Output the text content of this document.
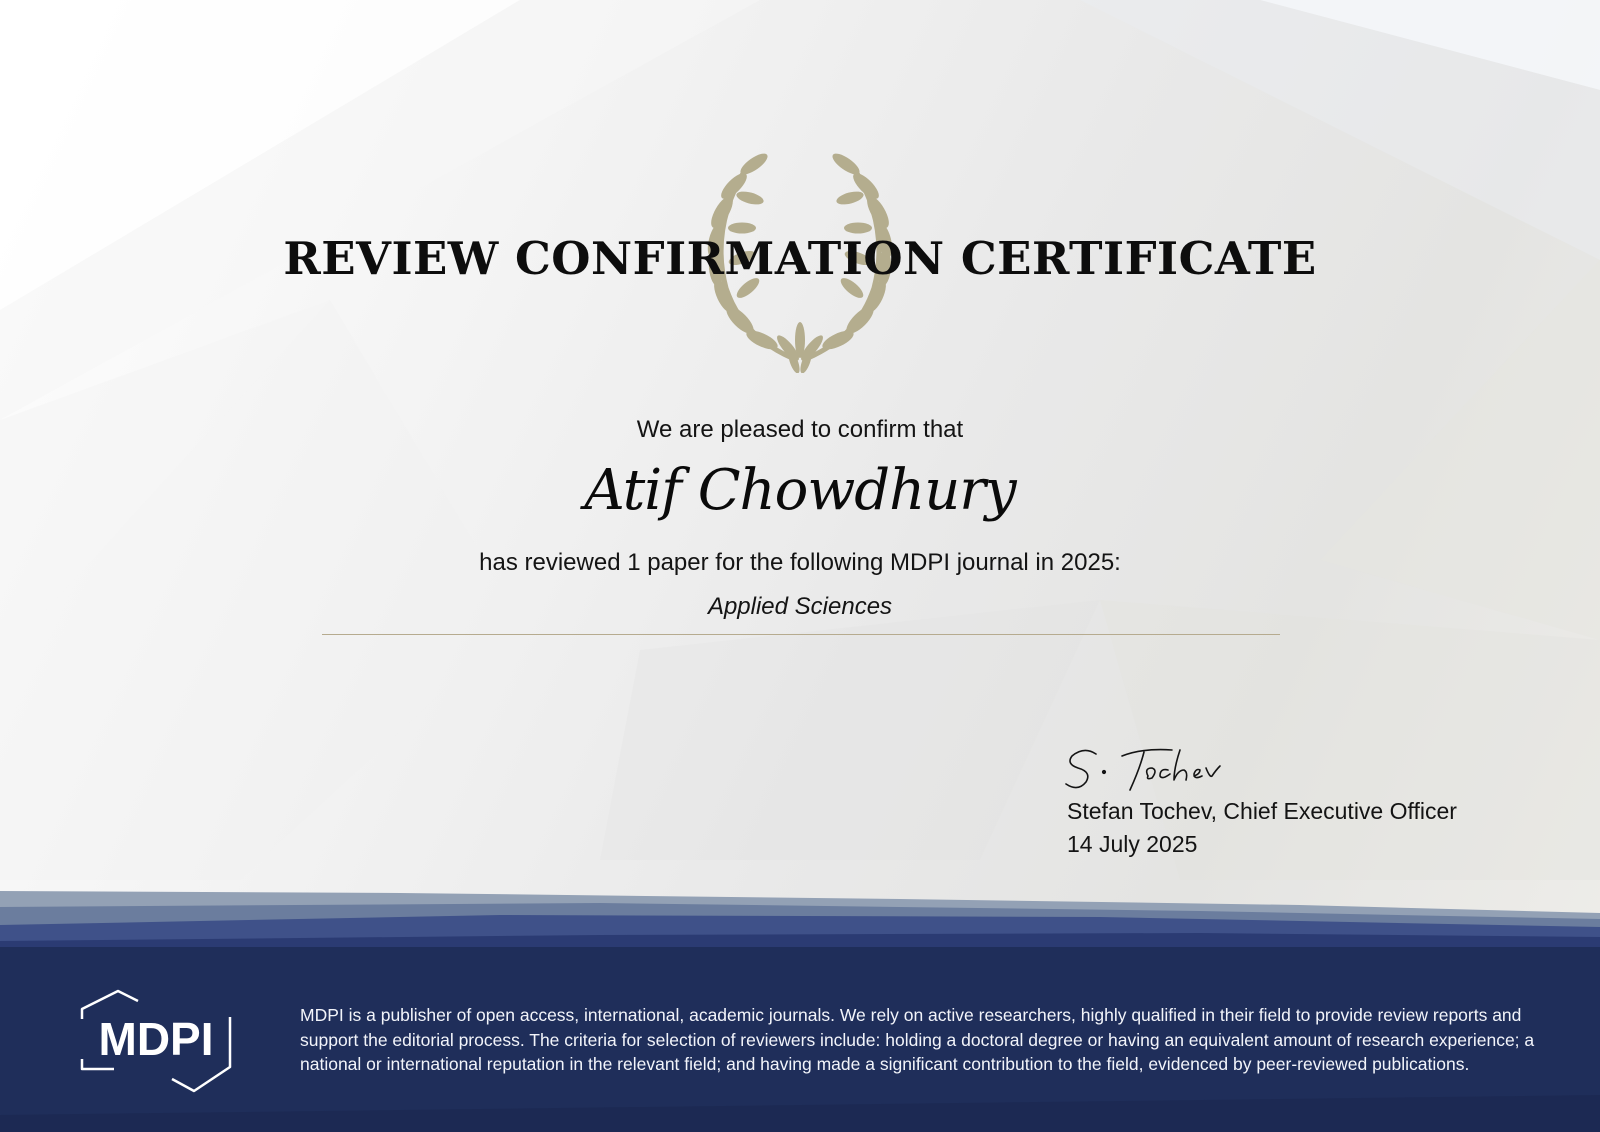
REVIEW CONFIRMATION CERTIFICATE

We are pleased to confirm that

Atif Chowdhury

has reviewed 1 paper for the following MDPI journal in 2025:

Applied Sciences

Stefan Tochev, Chief Executive Officer

14 July 2025

MDPI	MDPI is a publisher of open access, international, academic journals. We rely on active researchers, highly qualified in their field to provide review reports and support the editorial process. The criteria for selection of reviewers include: holding a doctoral degree or having an equivalent amount of research experience; a national or international reputation in the relevant field; and having made a significant contribution to the field, evidenced by peer-reviewed publications.
